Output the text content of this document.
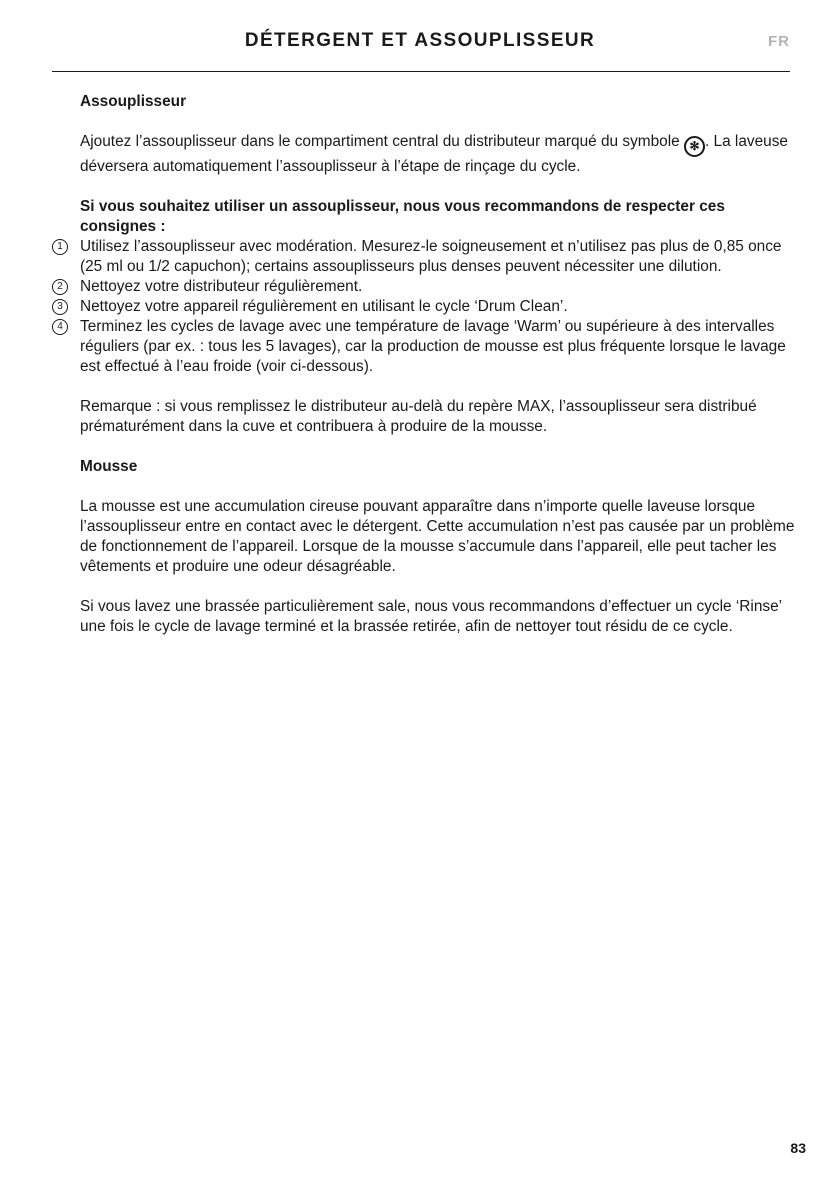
DÉTERGENT ET ASSOUPLISSEUR	FR

Assouplisseur

Ajoutez l’assouplisseur dans le compartiment central du distributeur marqué du symbole ✻ . La laveuse déversera automatiquement l’assouplisseur à l’étape de rinçage du cycle.

Si vous souhaitez utiliser un assouplisseur, nous vous recommandons de respecter ces consignes :

1	Utilisez l’assouplisseur avec modération. Mesurez-le soigneusement et n’utilisez pas plus de 0,85 once (25 ml ou 1/2 capuchon); certains assouplisseurs plus denses peuvent nécessiter une dilution.
2	Nettoyez votre distributeur régulièrement.
3	Nettoyez votre appareil régulièrement en utilisant le cycle ‘Drum Clean’.
4	Terminez les cycles de lavage avec une température de lavage ‘Warm’ ou supérieure à des intervalles réguliers (par ex. : tous les 5 lavages), car la production de mousse est plus fréquente lorsque le lavage est effectué à l’eau froide (voir ci-dessous).

Remarque : si vous remplissez le distributeur au-delà du repère MAX, l’assouplisseur sera distribué prématurément dans la cuve et contribuera à produire de la mousse.

Mousse

La mousse est une accumulation cireuse pouvant apparaître dans n’importe quelle laveuse lorsque l’assouplisseur entre en contact avec le détergent. Cette accumulation n’est pas causée par un problème de fonctionnement de l’appareil. Lorsque de la mousse s’accumule dans l’appareil, elle peut tacher les vêtements et produire une odeur désagréable.

Si vous lavez une brassée particulièrement sale, nous vous recommandons d’effectuer un cycle ‘Rinse’ une fois le cycle de lavage terminé et la brassée retirée, afin de nettoyer tout résidu de ce cycle.

83
